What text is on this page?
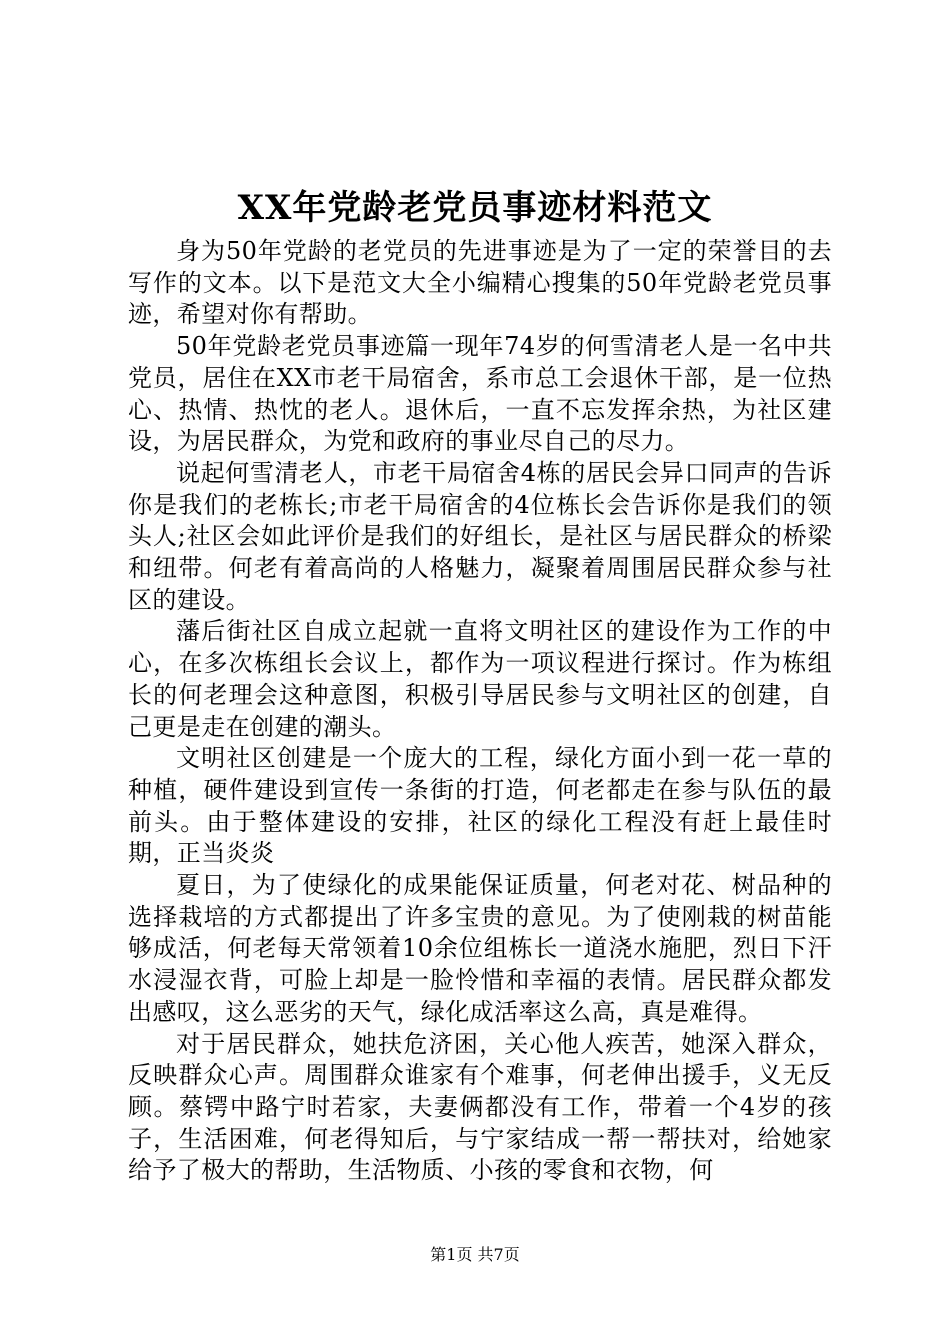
XX年党龄老党员事迹材料范文

身为50年党龄的老党员的先进事迹是为了一定的荣誉目的去写作的文本。以下是范文大全小编精心搜集的50年党龄老党员事迹，希望对你有帮助。

50年党龄老党员事迹篇一现年74岁的何雪清老人是一名中共党员，居住在XX市老干局宿舍，系市总工会退休干部，是一位热心、热情、热忱的老人。退休后，一直不忘发挥余热，为社区建设，为居民群众，为党和政府的事业尽自己的尽力。

说起何雪清老人，市老干局宿舍4栋的居民会异口同声的告诉你是我们的老栋长;市老干局宿舍的4位栋长会告诉你是我们的领头人;社区会如此评价是我们的好组长，是社区与居民群众的桥梁和纽带。何老有着高尚的人格魅力，凝聚着周围居民群众参与社区的建设。

藩后街社区自成立起就一直将文明社区的建设作为工作的中心，在多次栋组长会议上，都作为一项议程进行探讨。作为栋组长的何老理会这种意图，积极引导居民参与文明社区的创建，自己更是走在创建的潮头。

文明社区创建是一个庞大的工程，绿化方面小到一花一草的种植，硬件建设到宣传一条街的打造，何老都走在参与队伍的最前头。由于整体建设的安排，社区的绿化工程没有赶上最佳时期，正当炎炎

夏日，为了使绿化的成果能保证质量，何老对花、树品种的选择栽培的方式都提出了许多宝贵的意见。为了使刚栽的树苗能够成活，何老每天常领着10余位组栋长一道浇水施肥，烈日下汗水浸湿衣背，可脸上却是一脸怜惜和幸福的表情。居民群众都发出感叹，这么恶劣的天气，绿化成活率这么高，真是难得。

对于居民群众，她扶危济困，关心他人疾苦，她深入群众，反映群众心声。周围群众谁家有个难事，何老伸出援手，义无反顾。蔡锷中路宁时若家，夫妻俩都没有工作，带着一个4岁的孩子，生活困难，何老得知后，与宁家结成一帮一帮扶对，给她家给予了极大的帮助，生活物质、小孩的零食和衣物，何

第1页 共7页
